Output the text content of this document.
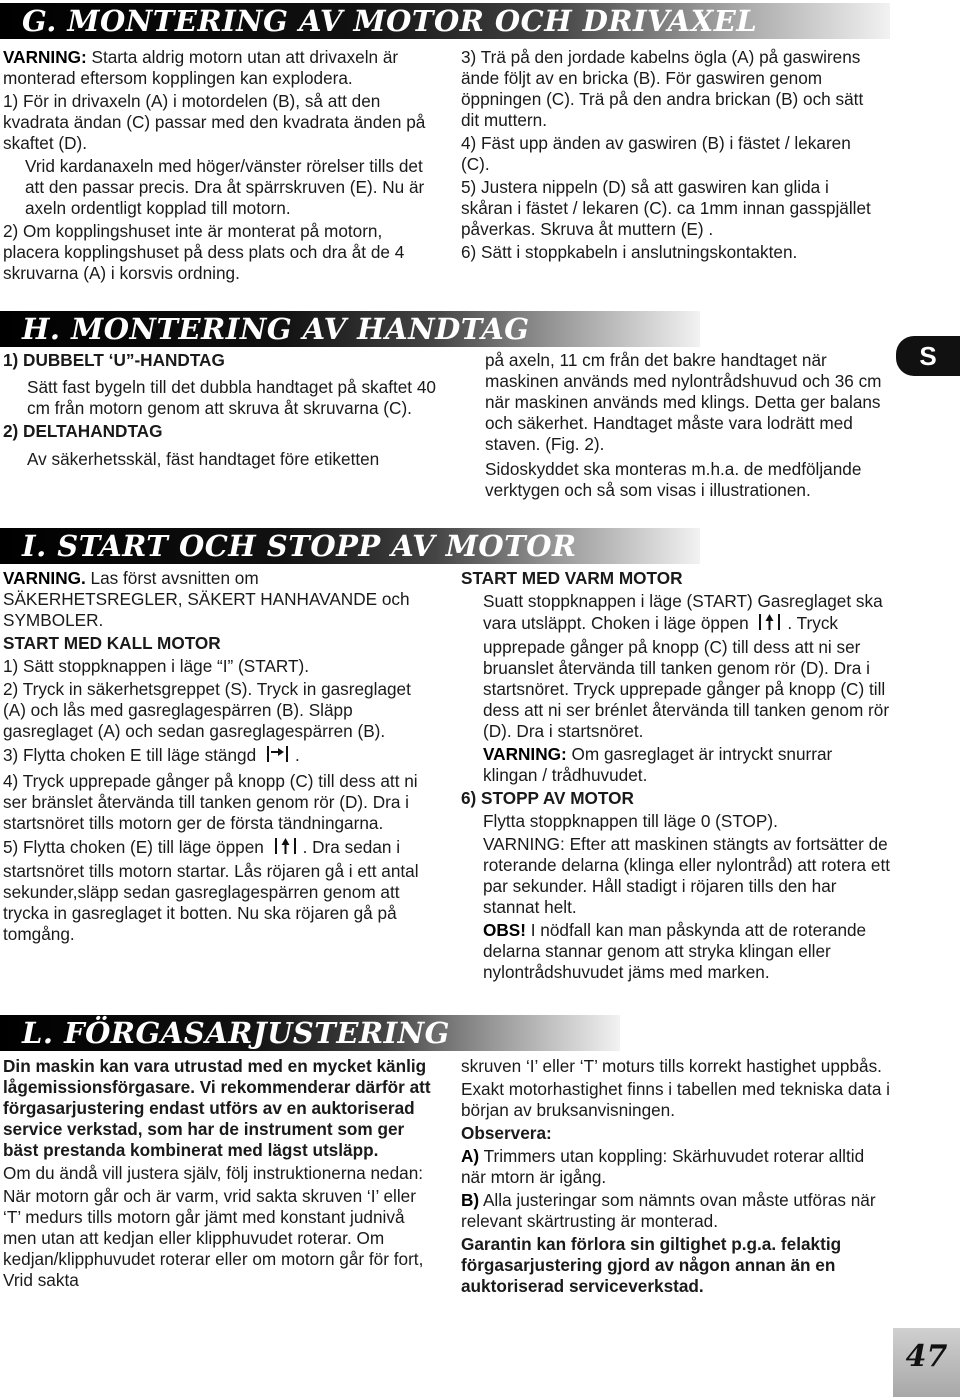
G. MONTERING AV MOTOR OCH DRIVAXEL
VARNING: Starta aldrig motorn utan att drivaxeln är monterad eftersom kopplingen kan explodera.
1) För in drivaxeln (A) i motordelen (B), så att den kvadrata ändan (C) passar med den kvadrata änden på skaftet (D).
Vrid kardanaxeln med höger/vänster rörelser tills det att den passar precis. Dra åt spärrskruven (E). Nu är axeln ordentligt kopplad till motorn.
2) Om kopplingshuset inte är monterat på motorn, placera kopplingshuset på dess plats och dra åt de 4 skruvarna (A) i korsvis ordning.
3) Trä på den jordade kabelns ögla (A) på gaswirens ände följt av en bricka (B). För gaswiren genom öppningen (C). Trä på den andra brickan (B) och sätt dit muttern.
4) Fäst upp änden av gaswiren (B) i fästet / lekaren (C).
5) Justera nippeln (D) så att gaswiren kan glida i skåran i fästet / lekaren (C). ca 1mm innan gasspjället påverkas. Skruva åt muttern (E) .
6) Sätt i stoppkabeln i anslutningskontakten.
H. MONTERING AV HANDTAG
1) DUBBELT ‘U”-HANDTAG
Sätt fast bygeln till det dubbla handtaget på skaftet 40 cm från motorn genom att skruva åt skruvarna (C).
2) DELTAHANDTAG
Av säkerhetsskäl, fäst handtaget före etiketten
på axeln, 11 cm från det bakre handtaget när maskinen används med nylontrådshuvud och 36 cm när maskinen används med klings. Detta ger balans och säkerhet. Handtaget måste vara lodrätt med staven. (Fig. 2).
Sidoskyddet ska monteras m.h.a. de medföljande verktygen och så som visas i illustrationen.
S
I. START OCH STOPP AV MOTOR
VARNING. Las först avsnitten om SÄKERHETSREGLER, SÄKERT HANHAVANDE och SYMBOLER.
START MED KALL MOTOR
1) Sätt stoppknappen i läge “I” (START).
2) Tryck in säkerhetsgreppet (S). Tryck in gasreglaget (A) och lås med gasreglagespärren (B). Släpp gasreglaget (A) och sedan gasreglagespärren (B).
3) Flytta choken E till läge stängd .
4) Tryck upprepade gånger på knopp (C) till dess att ni ser bränslet återvända till tanken genom rör (D). Dra i startsnöret tills motorn ger de första tändningarna.
5) Flytta choken (E) till läge öppen . Dra sedan i startsnöret tills motorn startar. Lås röjaren gå i ett antal sekunder,släpp sedan gasreglagespärren genom att trycka in gasreglaget it botten. Nu ska röjaren gå på tomgång.
START MED VARM MOTOR
Suatt stoppknappen i läge (START) Gasreglaget ska vara utsläppt. Choken i läge öppen . Tryck upprepade gånger på knopp (C) till dess att ni ser bruanslet återvända till tanken genom rör (D). Dra i startsnöret. Tryck upprepade gånger på knopp (C) till dess att ni ser brénlet återvända till tanken genom rör (D). Dra i startsnöret.
VARNING: Om gasreglaget är intryckt snurrar klingan / trådhuvudet.
6) STOPP AV MOTOR
Flytta stoppknappen till läge 0 (STOP).
VARNING: Efter att maskinen stängts av fortsätter de roterande delarna (klinga eller nylontråd) att rotera ett par sekunder. Håll stadigt i röjaren tills den har stannat helt.
OBS! I nödfall kan man påskynda att de roterande delarna stannar genom att stryka klingan eller nylontrådshuvudet jäms med marken.
L. FÖRGASARJUSTERING
Din maskin kan vara utrustad med en mycket känlig lågemissionsförgasare. Vi rekommenderar därför att förgasarjustering endast utförs av en auktoriserad service verkstad, som har de instrument som ger bäst prestanda kombinerat med lägst utsläpp.
Om du ändå vill justera själv, följ instruktionerna nedan:
När motorn går och är varm, vrid sakta skruven ‘I’ eller ‘T’ medurs tills motorn går jämt med konstant judnivå men utan att kedjan eller klipphuvudet roterar. Om kedjan/klipphuvudet roterar eller om motorn går för fort, Vrid sakta
skruven ‘I’ eller ‘T’ moturs tills korrekt hastighet uppbås.
Exakt motorhastighet finns i tabellen med tekniska data i början av bruksanvisningen.
Observera:
A) Trimmers utan koppling: Skärhuvudet roterar alltid när mtorn är igång.
B) Alla justeringar som nämnts ovan måste utföras när relevant skärtrusting är monterad.
Garantin kan förlora sin giltighet p.g.a. felaktig förgasarjustering gjord av någon annan än en auktoriserad serviceverkstad.
47
